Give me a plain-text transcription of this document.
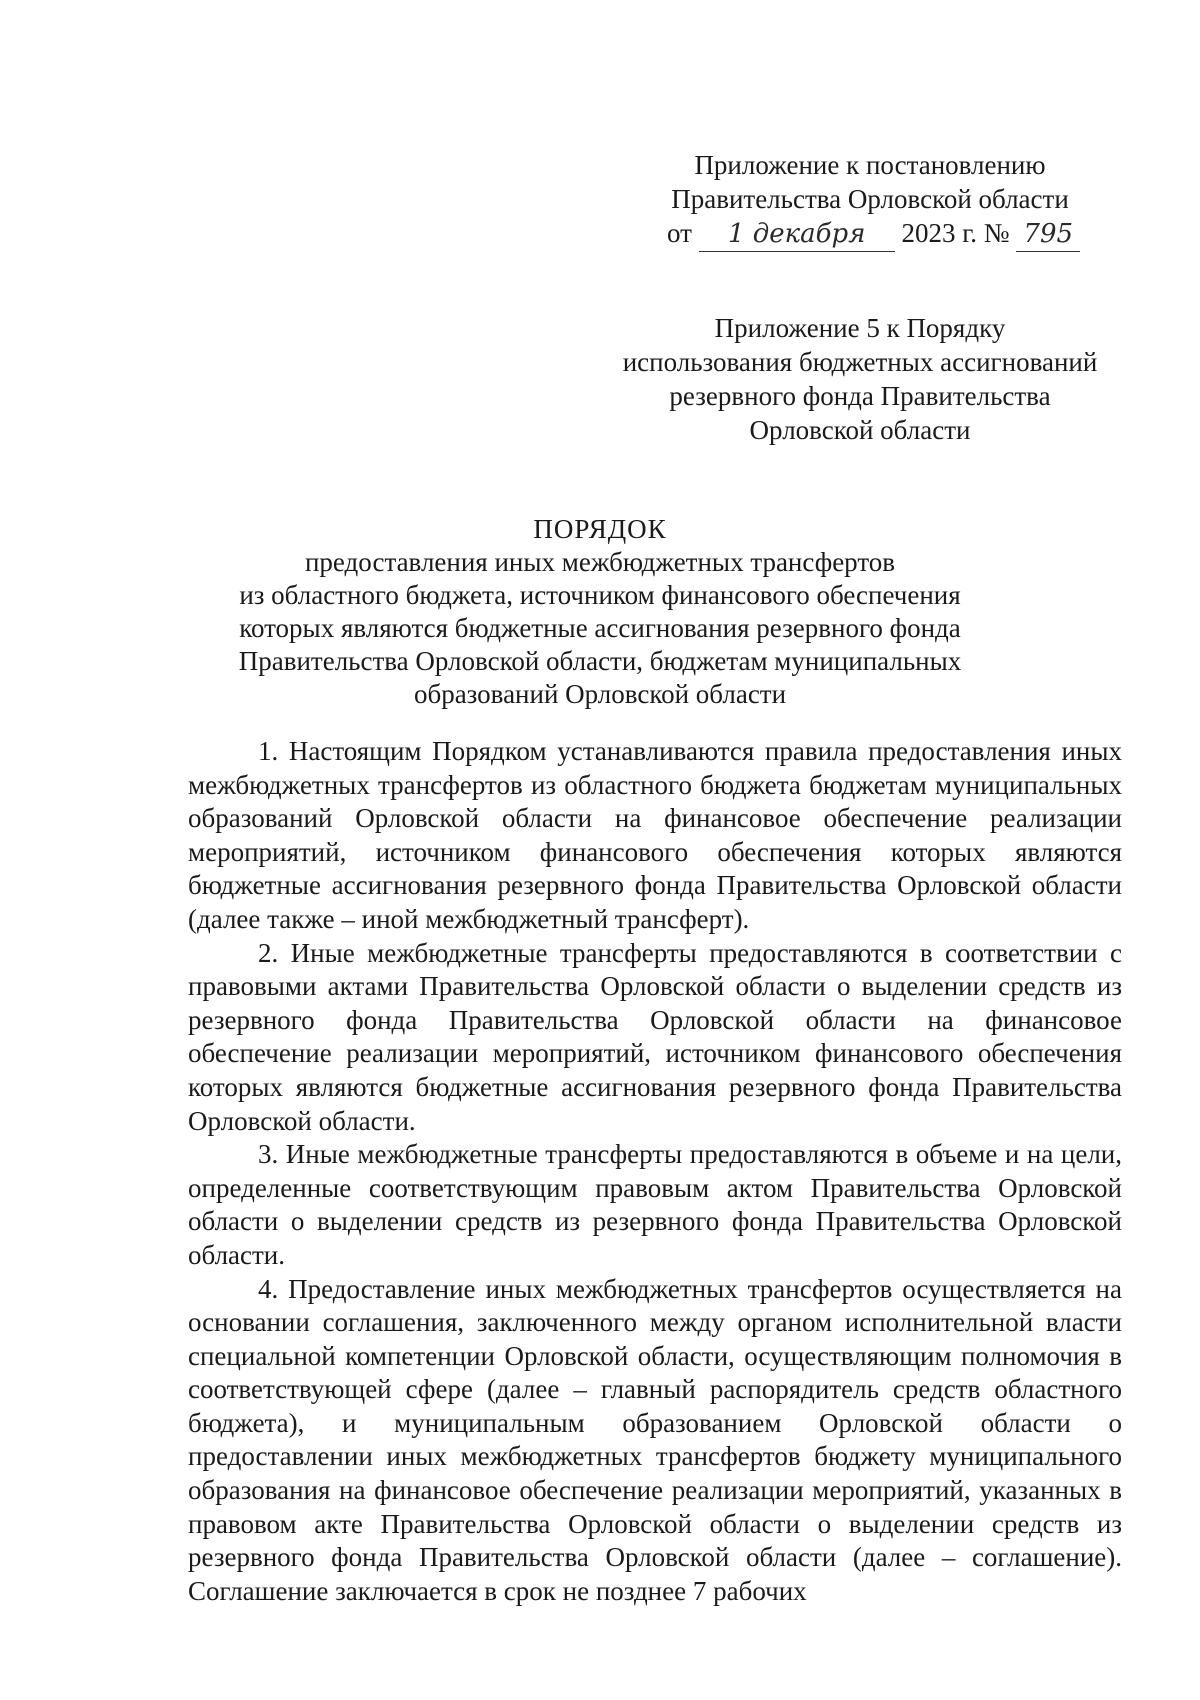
Приложение к постановлению
Правительства Орловской области
от 1 декабря 2023 г. № 795
Приложение 5 к Порядку
использования бюджетных ассигнований
резервного фонда Правительства
Орловской области
ПОРЯДОК
предоставления иных межбюджетных трансфертов
из областного бюджета, источником финансового обеспечения
которых являются бюджетные ассигнования резервного фонда
Правительства Орловской области, бюджетам муниципальных
образований Орловской области

1. Настоящим Порядком устанавливаются правила предоставления иных межбюджетных трансфертов из областного бюджета бюджетам муниципальных образований Орловской области на финансовое обеспечение реализации мероприятий, источником финансового обеспечения которых являются бюджетные ассигнования резервного фонда Правительства Орловской области (далее также – иной межбюджетный трансферт).

2. Иные межбюджетные трансферты предоставляются в соответствии с правовыми актами Правительства Орловской области о выделении средств из резервного фонда Правительства Орловской области на финансовое обеспечение реализации мероприятий, источником финансового обеспечения которых являются бюджетные ассигнования резервного фонда Правительства Орловской области.

3. Иные межбюджетные трансферты предоставляются в объеме и на цели, определенные соответствующим правовым актом Правительства Орловской области о выделении средств из резервного фонда Правительства Орловской области.

4. Предоставление иных межбюджетных трансфертов осуществляется на основании соглашения, заключенного между органом исполнительной власти специальной компетенции Орловской области, осуществляющим полномочия в соответствующей сфере (далее – главный распорядитель средств областного бюджета), и муниципальным образованием Орловской области о предоставлении иных межбюджетных трансфертов бюджету муниципального образования на финансовое обеспечение реализации мероприятий, указанных в правовом акте Правительства Орловской области о выделении средств из резервного фонда Правительства Орловской области (далее – соглашение). Соглашение заключается в срок не позднее 7 рабочих
